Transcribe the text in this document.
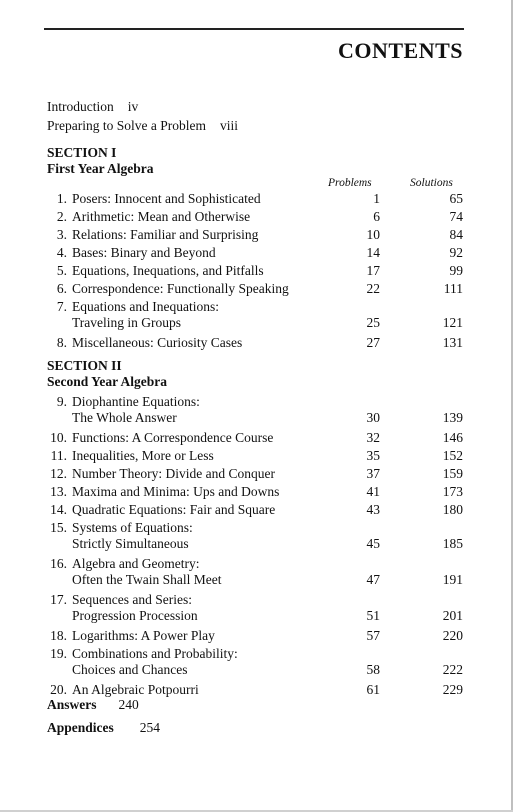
CONTENTS
Introduction iv
Preparing to Solve a Problem viii
SECTION I
First Year Algebra
Problems	Solutions
1. Posers: Innocent and Sophisticated	1	65
2. Arithmetic: Mean and Otherwise	6	74
3. Relations: Familiar and Surprising	10	84
4. Bases: Binary and Beyond	14	92
5. Equations, Inequations, and Pitfalls	17	99
6. Correspondence: Functionally Speaking	22	111
7. Equations and Inequations:
Traveling in Groups	25	121
8. Miscellaneous: Curiosity Cases	27	131
SECTION II
Second Year Algebra
9. Diophantine Equations:
The Whole Answer	30	139
10. Functions: A Correspondence Course	32	146
11. Inequalities, More or Less	35	152
12. Number Theory: Divide and Conquer	37	159
13. Maxima and Minima: Ups and Downs	41	173
14. Quadratic Equations: Fair and Square	43	180
15. Systems of Equations:
Strictly Simultaneous	45	185
16. Algebra and Geometry:
Often the Twain Shall Meet	47	191
17. Sequences and Series:
Progression Procession	51	201
18. Logarithms: A Power Play	57	220
19. Combinations and Probability:
Choices and Chances	58	222
20. An Algebraic Potpourri	61	229
Answers 240
Appendices 254
